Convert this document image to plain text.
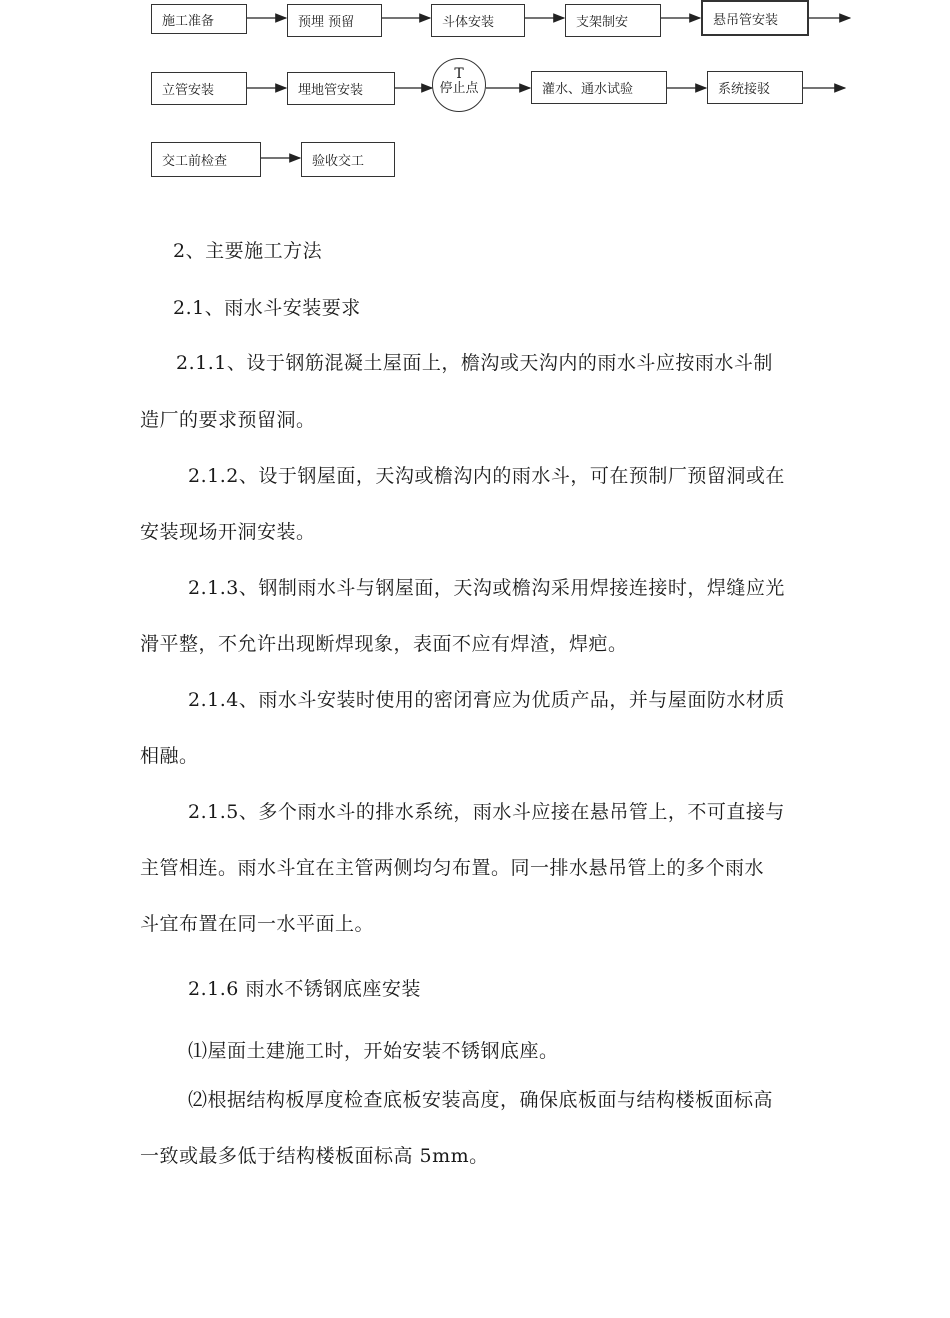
施工准备	预埋 预留	斗体安装	支架制安	悬吊管安装
立管安装	埋地管安装
T
停止点	灌水、通水试验	系统接驳
交工前检查	验收交工

2、主要施工方法

2.1、雨水斗安装要求

2.1.1、设于钢筋混凝土屋面上，檐沟或天沟内的雨水斗应按雨水斗制

造厂的要求预留洞。

2.1.2、设于钢屋面，天沟或檐沟内的雨水斗，可在预制厂预留洞或在

安装现场开洞安装。

2.1.3、钢制雨水斗与钢屋面，天沟或檐沟采用焊接连接时，焊缝应光

滑平整，不允许出现断焊现象，表面不应有焊渣，焊疤。

2.1.4、雨水斗安装时使用的密闭膏应为优质产品，并与屋面防水材质

相融。

2.1.5、多个雨水斗的排水系统，雨水斗应接在悬吊管上，不可直接与

主管相连。雨水斗宜在主管两侧均匀布置。同一排水悬吊管上的多个雨水

斗宜布置在同一水平面上。

2.1.6 雨水不锈钢底座安装

⑴屋面土建施工时，开始安装不锈钢底座。

⑵根据结构板厚度检查底板安装高度，确保底板面与结构楼板面标高

一致或最多低于结构楼板面标高 5mm。
